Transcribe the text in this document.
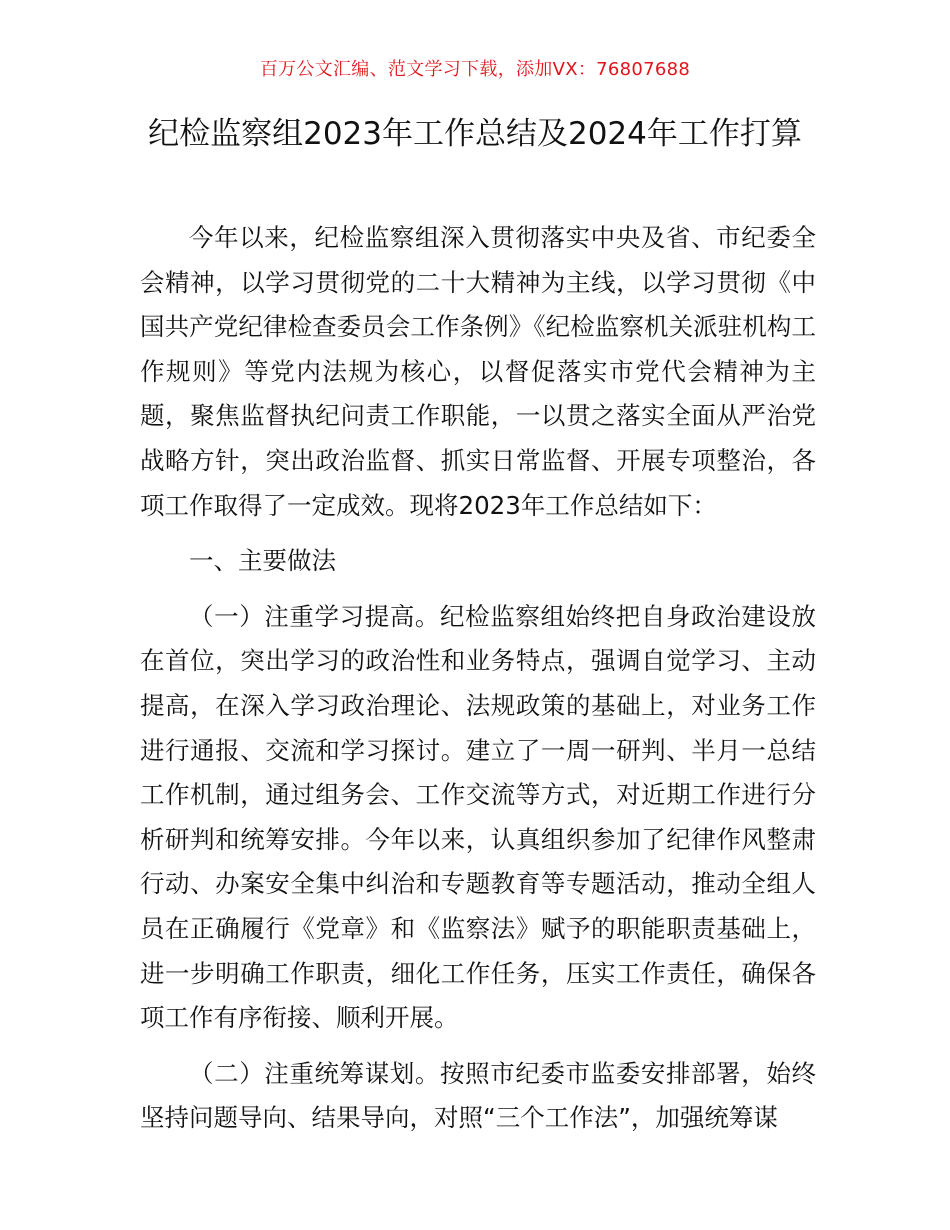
百万公文汇编、范文学习下载，添加VX：76807688
纪检监察组2023年工作总结及2024年工作打算

今年以来，纪检监察组深入贯彻落实中央及省、市纪委全会精神，以学习贯彻党的二十大精神为主线，以学习贯彻《中国共产党纪律检查委员会工作条例》《纪检监察机关派驻机构工作规则》等党内法规为核心，以督促落实市党代会精神为主题，聚焦监督执纪问责工作职能，一以贯之落实全面从严治党战略方针，突出政治监督、抓实日常监督、开展专项整治，各项工作取得了一定成效。现将2023年工作总结如下：

一、主要做法

（一）注重学习提高。纪检监察组始终把自身政治建设放在首位，突出学习的政治性和业务特点，强调自觉学习、主动提高，在深入学习政治理论、法规政策的基础上，对业务工作进行通报、交流和学习探讨。建立了一周一研判、半月一总结工作机制，通过组务会、工作交流等方式，对近期工作进行分析研判和统筹安排。今年以来，认真组织参加了纪律作风整肃行动、办案安全集中纠治和专题教育等专题活动，推动全组人员在正确履行《党章》和《监察法》赋予的职能职责基础上，进一步明确工作职责，细化工作任务，压实工作责任，确保各项工作有序衔接、顺利开展。

（二）注重统筹谋划。按照市纪委市监委安排部署，始终坚持问题导向、结果导向，对照“三个工作法”，加强统筹谋
